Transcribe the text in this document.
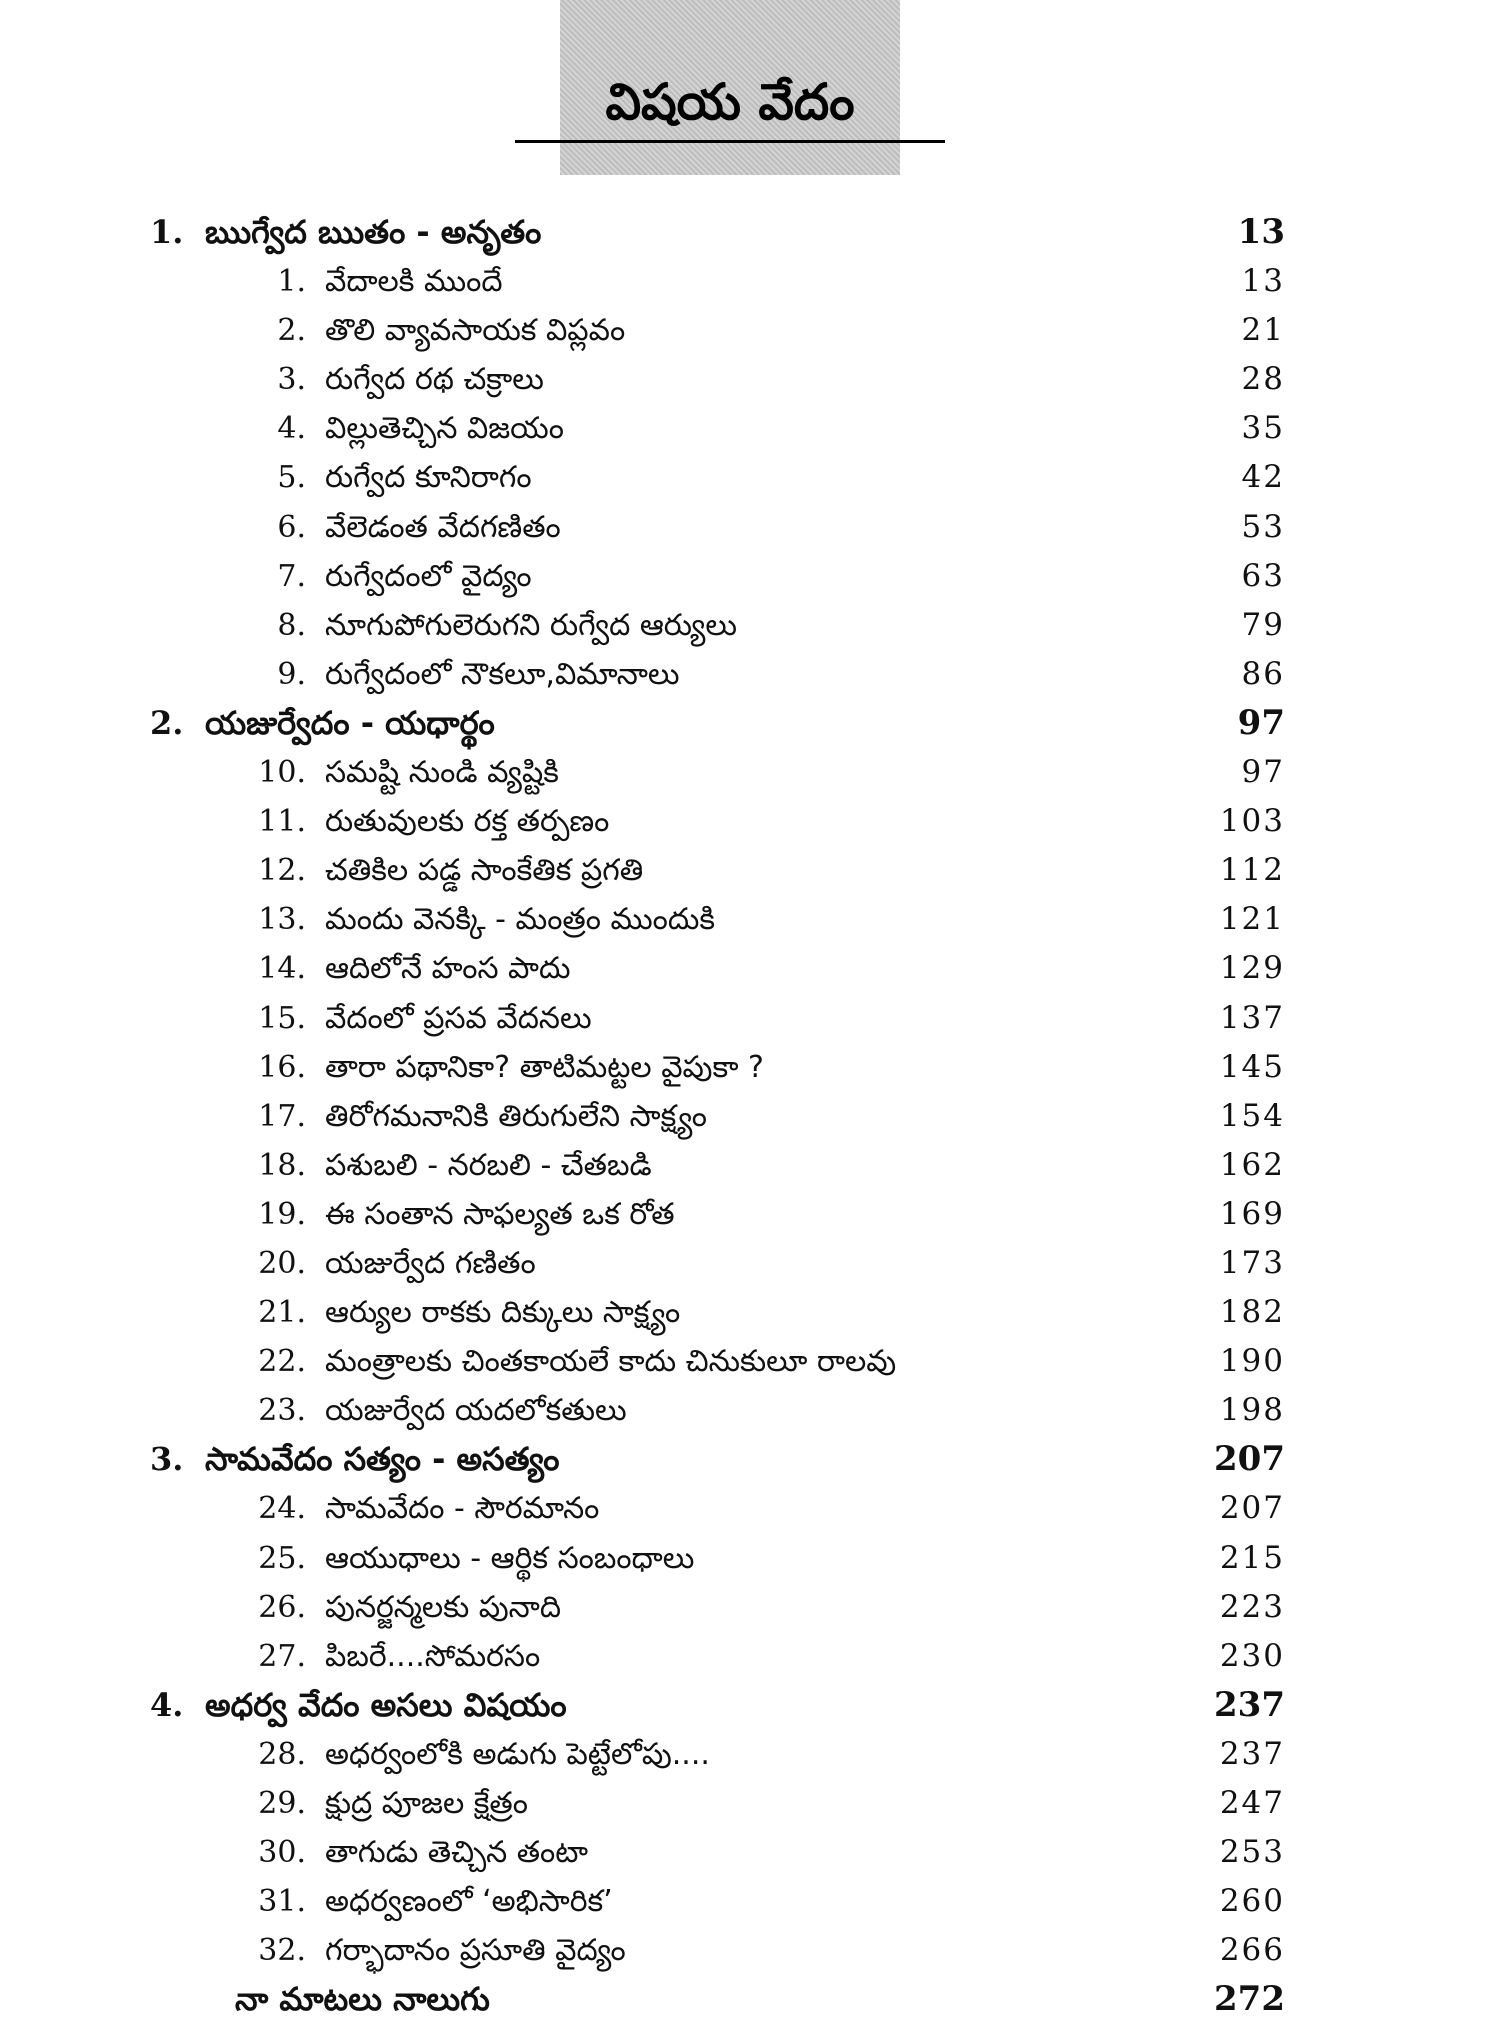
విషయ వేదం
1. ఋగ్వేద ఋతం - అనృతం	13
1. వేదాలకి ముందే	13
2. తొలి వ్యావసాయక విప్లవం	21
3. రుగ్వేద రథ చక్రాలు	28
4. విల్లుతెచ్చిన విజయం	35
5. రుగ్వేద కూనిరాగం	42
6. వేలెడంత వేదగణితం	53
7. రుగ్వేదంలో వైద్యం	63
8. నూగుపోగులెరుగని రుగ్వేద ఆర్యులు	79
9. రుగ్వేదంలో నౌకలూ,విమానాలు	86
2. యజుర్వేదం - యధార్థం	97
10. సమష్టి నుండి వ్యష్టికి	97
11. రుతువులకు రక్త తర్పణం	103
12. చతికిల పడ్డ సాంకేతిక ప్రగతి	112
13. మందు వెనక్కి - మంత్రం ముందుకి	121
14. ఆదిలోనే హంస పాదు	129
15. వేదంలో ప్రసవ వేదనలు	137
16. తారా పథానికా? తాటిమట్టల వైపుకా ?	145
17. తిరోగమనానికి తిరుగులేని సాక్ష్యం	154
18. పశుబలి - నరబలి - చేతబడి	162
19. ఈ సంతాన సాఫల్యత ఒక రోత	169
20. యజుర్వేద గణితం	173
21. ఆర్యుల రాకకు దిక్కులు సాక్ష్యం	182
22. మంత్రాలకు చింతకాయలే కాదు చినుకులూ రాలవు	190
23. యజుర్వేద యదలోకతులు	198
3. సామవేదం సత్యం - అసత్యం	207
24. సామవేదం - సౌరమానం	207
25. ఆయుధాలు - ఆర్థిక సంబంధాలు	215
26. పునర్జన్మలకు పునాది	223
27. పిబరే....సోమరసం	230
4. అధర్వ వేదం అసలు విషయం	237
28. అధర్వంలోకి అడుగు పెట్టేలోపు....	237
29. క్షుద్ర పూజల క్షేత్రం	247
30. తాగుడు తెచ్చిన తంటా	253
31. అధర్వణంలో ‘అభిసారిక’	260
32. గర్భాదానం ప్రసూతి వైద్యం	266
నా మాటలు నాలుగు	272
